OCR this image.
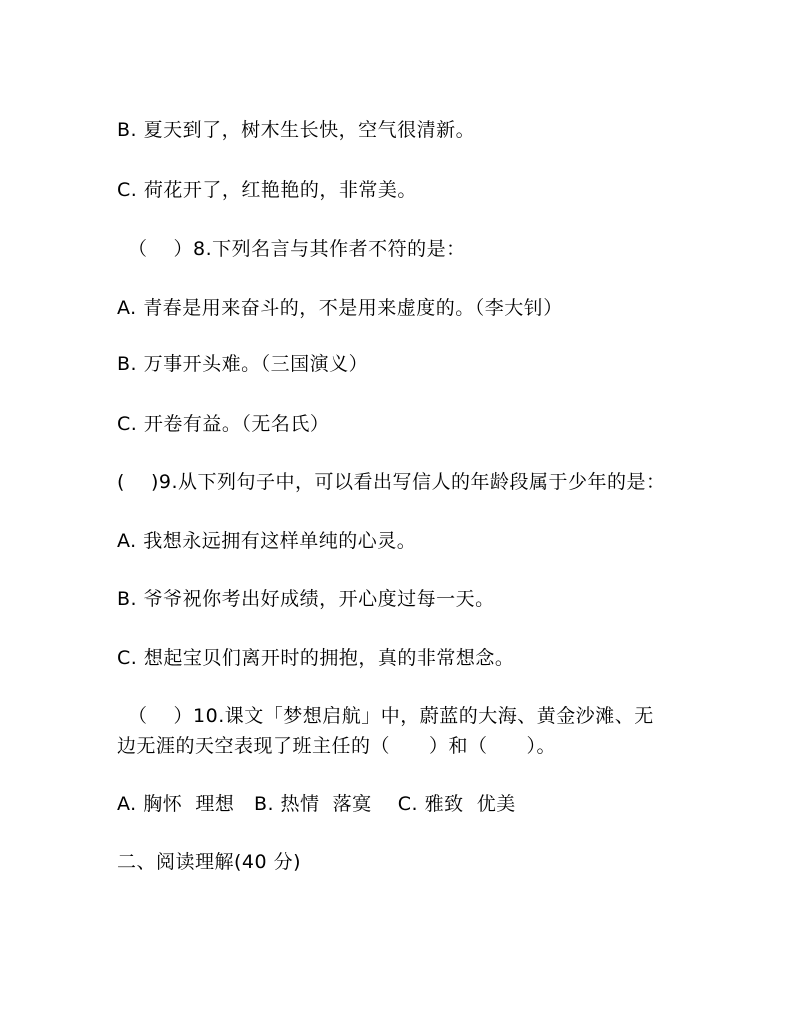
B. 夏天到了，树木生长快，空气很清新。
C. 荷花开了，红艳艳的，非常美。
（　 ）8.下列名言与其作者不符的是：
A. 青春是用来奋斗的，不是用来虚度的。（李大钊）
B. 万事开头难。（三国演义）
C. 开卷有益。（无名氏）
(　 )9.从下列句子中，可以看出写信人的年龄段属于少年的是：
A. 我想永远拥有这样单纯的心灵。
B. 爷爷祝你考出好成绩，开心度过每一天。
C. 想起宝贝们离开时的拥抱，真的非常想念。
（　 ）10.课文「梦想启航」中，蔚蓝的大海、黄金沙滩、无
边无涯的天空表现了班主任的（　　）和（　　）。
A. 胸怀  理想   B. 热情  落寞    C. 雅致  优美
二、阅读理解(40 分)
